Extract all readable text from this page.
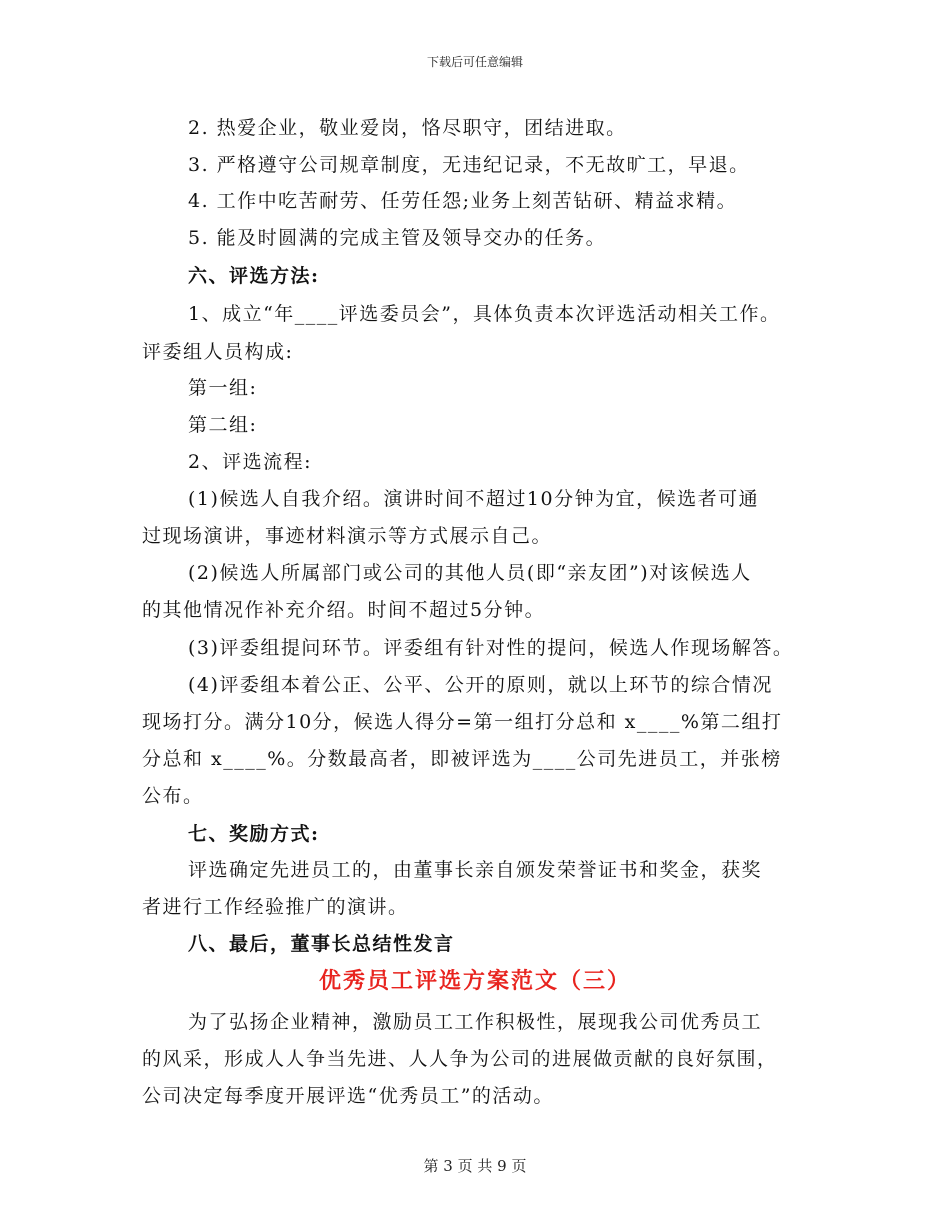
下载后可任意编辑
2. 热爱企业，敬业爱岗，恪尽职守，团结进取。
3. 严格遵守公司规章制度，无违纪记录，不无故旷工，早退。
4. 工作中吃苦耐劳、任劳任怨;业务上刻苦钻研、精益求精。
5. 能及时圆满的完成主管及领导交办的任务。
六、评选方法:
1、成立“年____评选委员会”，具体负责本次评选活动相关工作。
评委组人员构成:
第一组:
第二组:
2、评选流程:
(1)候选人自我介绍。演讲时间不超过10分钟为宜，候选者可通
过现场演讲，事迹材料演示等方式展示自己。
(2)候选人所属部门或公司的其他人员(即“亲友团”)对该候选人
的其他情况作补充介绍。时间不超过5分钟。
(3)评委组提问环节。评委组有针对性的提问，候选人作现场解答。
(4)评委组本着公正、公平、公开的原则，就以上环节的综合情况
现场打分。满分10分，候选人得分=第一组打分总和 x____%第二组打
分总和 x____%。分数最高者，即被评选为____公司先进员工，并张榜
公布。
七、奖励方式:
评选确定先进员工的，由董事长亲自颁发荣誉证书和奖金，获奖
者进行工作经验推广的演讲。
八、最后，董事长总结性发言
优秀员工评选方案范文（三）
为了弘扬企业精神，激励员工工作积极性，展现我公司优秀员工
的风采，形成人人争当先进、人人争为公司的进展做贡献的良好氛围，
公司决定每季度开展评选“优秀员工”的活动。
第 3 页 共 9 页
